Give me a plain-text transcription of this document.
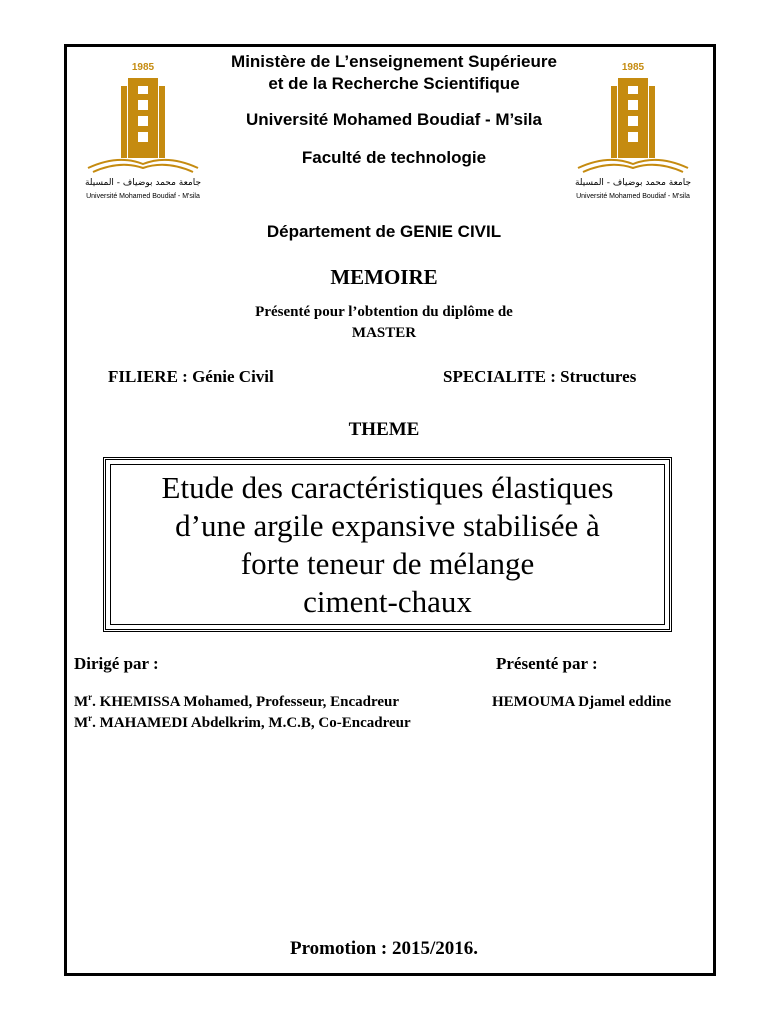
1985
جامعة محمد بوضياف - المسيلة
Université Mohamed Boudiaf - M'sila
1985
جامعة محمد بوضياف - المسيلة
Université Mohamed Boudiaf - M'sila
Ministère de L’enseignement Supérieure
et de la Recherche Scientifique
Université Mohamed Boudiaf - M’sila
Faculté de technologie
Département de GENIE CIVIL
MEMOIRE
Présenté pour l’obtention du diplôme de
MASTER
FILIERE : Génie Civil	SPECIALITE : Structures
THEME
Etude des caractéristiques élastiques
d’une argile expansive stabilisée à
forte teneur de mélange
ciment-chaux
Dirigé par :	Présenté par :
$M^r$. KHEMISSA Mohamed, Professeur, Encadreur
$M^r$. MAHAMEDI Abdelkrim, M.C.B, Co-Encadreur
HEMOUMA Djamel eddine
Promotion : 2015/2016.
